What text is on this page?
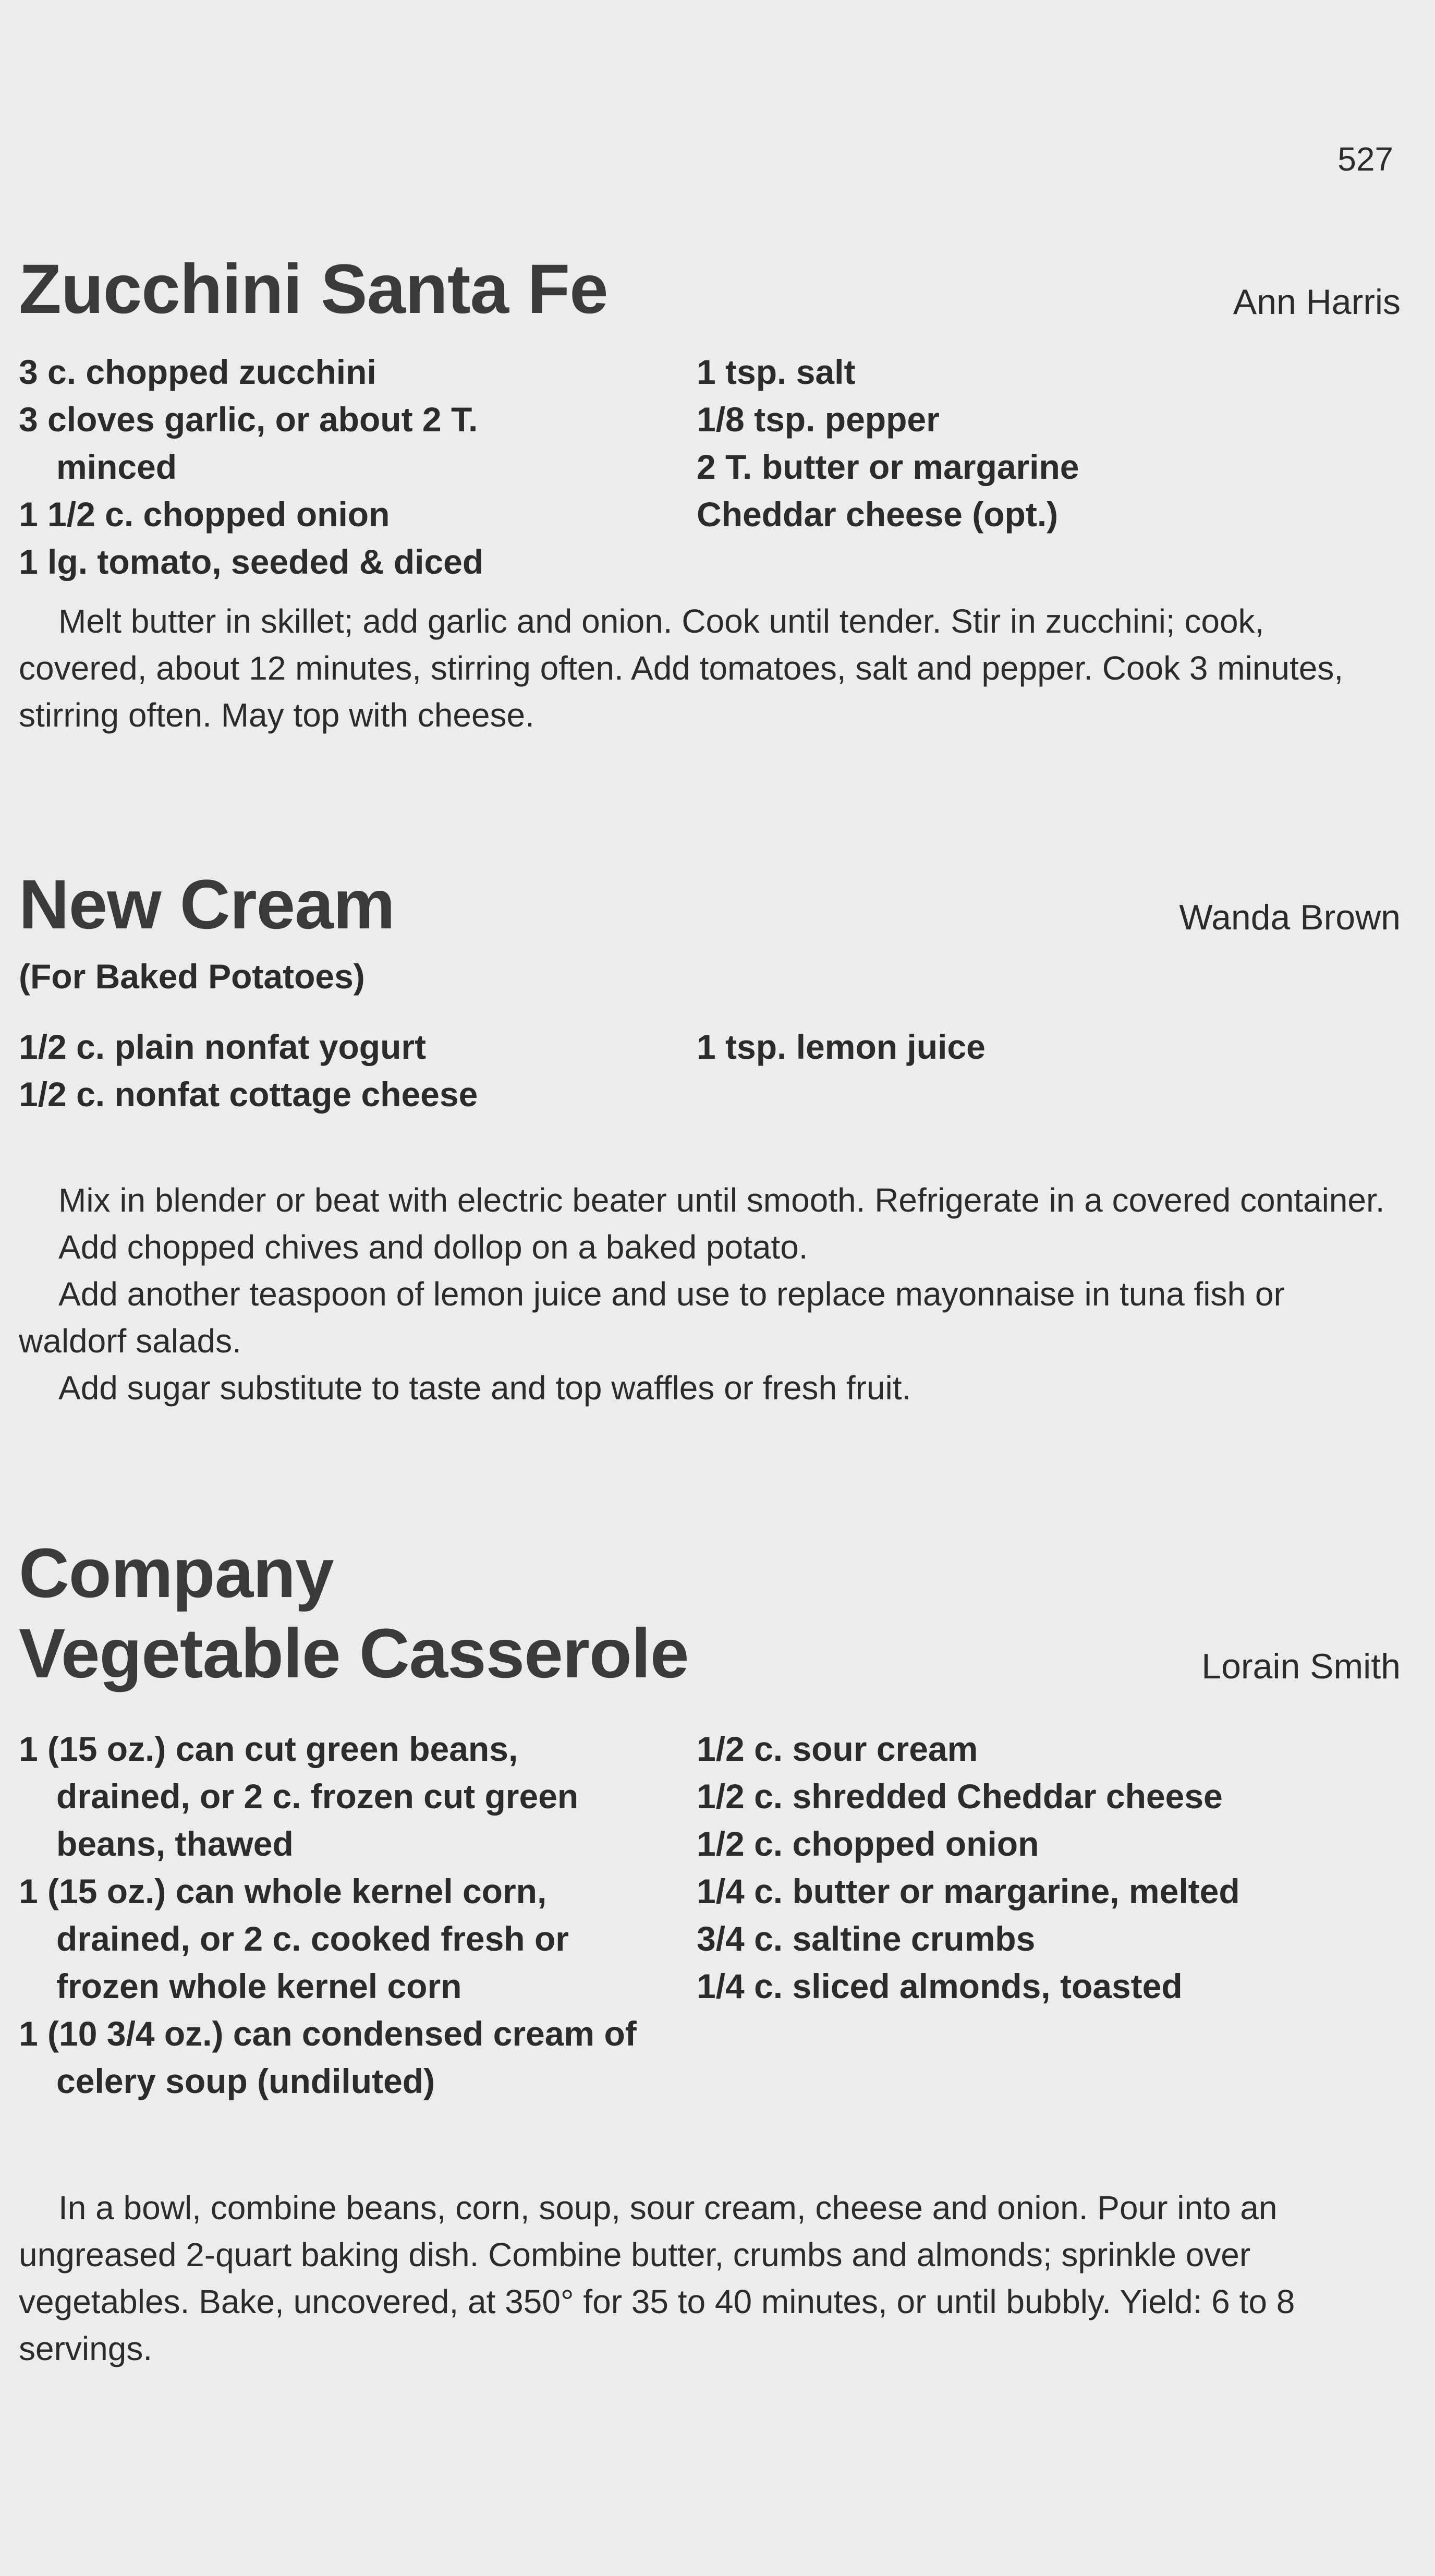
527
Zucchini Santa Fe	Ann Harris
3 c. chopped zucchini
3 cloves garlic, or about 2 T. minced
1 1/2 c. chopped onion
1 lg. tomato, seeded & diced
1 tsp. salt
1/8 tsp. pepper
2 T. butter or margarine
Cheddar cheese (opt.)
Melt butter in skillet; add garlic and onion. Cook until tender. Stir in zucchini; cook, covered, about 12 minutes, stirring often. Add tomatoes, salt and pepper. Cook 3 minutes, stirring often. May top with cheese.
New Cream	Wanda Brown
(For Baked Potatoes)
1/2 c. plain nonfat yogurt
1/2 c. nonfat cottage cheese
1 tsp. lemon juice
Mix in blender or beat with electric beater until smooth. Refrigerate in a covered container.
Add chopped chives and dollop on a baked potato.
Add another teaspoon of lemon juice and use to replace mayonnaise in tuna fish or waldorf salads.
Add sugar substitute to taste and top waffles or fresh fruit.
Company
Vegetable Casserole	Lorain Smith
1 (15 oz.) can cut green beans, drained, or 2 c. frozen cut green beans, thawed
1 (15 oz.) can whole kernel corn, drained, or 2 c. cooked fresh or frozen whole kernel corn
1 (10 3/4 oz.) can condensed cream of celery soup (undiluted)
1/2 c. sour cream
1/2 c. shredded Cheddar cheese
1/2 c. chopped onion
1/4 c. butter or margarine, melted
3/4 c. saltine crumbs
1/4 c. sliced almonds, toasted
In a bowl, combine beans, corn, soup, sour cream, cheese and onion. Pour into an ungreased 2-quart baking dish. Combine butter, crumbs and almonds; sprinkle over vegetables. Bake, uncovered, at 350° for 35 to 40 minutes, or until bubbly. Yield: 6 to 8 servings.
